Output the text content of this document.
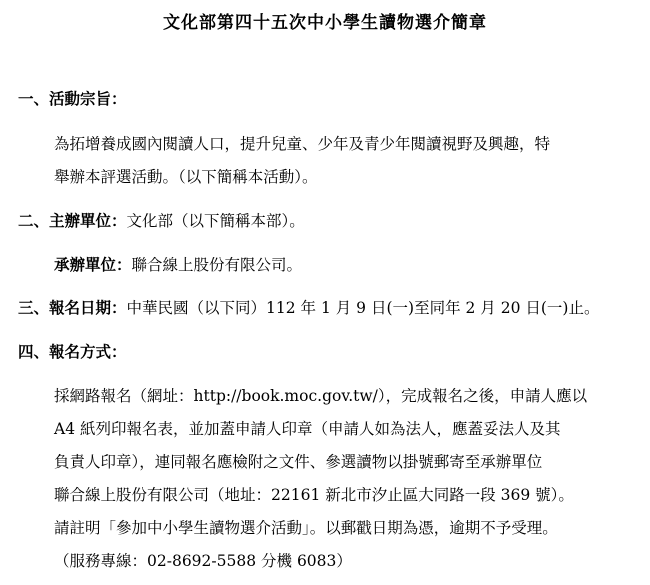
文化部第四十五次中小學生讀物選介簡章
一、活動宗旨：
為拓增養成國內閱讀人口，提升兒童、少年及青少年閱讀視野及興趣，特
舉辦本評選活動。（以下簡稱本活動）。
二、主辦單位：文化部（以下簡稱本部）。
承辦單位：聯合線上股份有限公司。
三、報名日期：中華民國（以下同）112 年 1 月 9 日(一)至同年 2 月 20 日(一)止。
四、報名方式：
採網路報名（網址：http://book.moc.gov.tw/），完成報名之後，申請人應以
A4 紙列印報名表，並加蓋申請人印章（申請人如為法人，應蓋妥法人及其
負責人印章），連同報名應檢附之文件、參選讀物以掛號郵寄至承辦單位
聯合線上股份有限公司（地址：22161 新北市汐止區大同路一段 369 號）。
請註明「參加中小學生讀物選介活動」。以郵戳日期為憑，逾期不予受理。
（服務專線：02-8692-5588 分機 6083）
